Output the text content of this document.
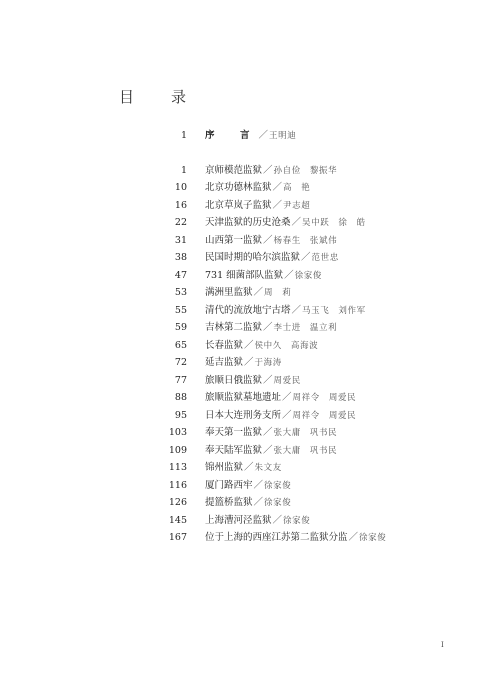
目　录
1 序　言／王明迪
1 京师模范监狱／孙自俭　黎振华
10 北京功德林监狱／高　艳
16 北京草岚子监狱／尹志超
22 天津监狱的历史沧桑／吴中跃　徐　皓
31 山西第一监狱／杨春生　张斌伟
38 民国时期的哈尔滨监狱／范世忠
47 731 细菌部队监狱／徐家俊
53 满洲里监狱／周　莉
55 清代的流放地宁古塔／马玉飞　刘作军
59 吉林第二监狱／李士进　温立利
65 长春监狱／侯中久　高海波
72 延吉监狱／于海涛
77 旅顺日俄监狱／周爱民
88 旅顺监狱墓地遗址／周祥令　周爱民
95 日本大连刑务支所／周祥令　周爱民
103 奉天第一监狱／张大庸　巩书民
109 奉天陆军监狱／张大庸　巩书民
113 锦州监狱／朱文友
116 厦门路西牢／徐家俊
126 提篮桥监狱／徐家俊
145 上海漕河泾监狱／徐家俊
167 位于上海的西座江苏第二监狱分监／徐家俊
I
